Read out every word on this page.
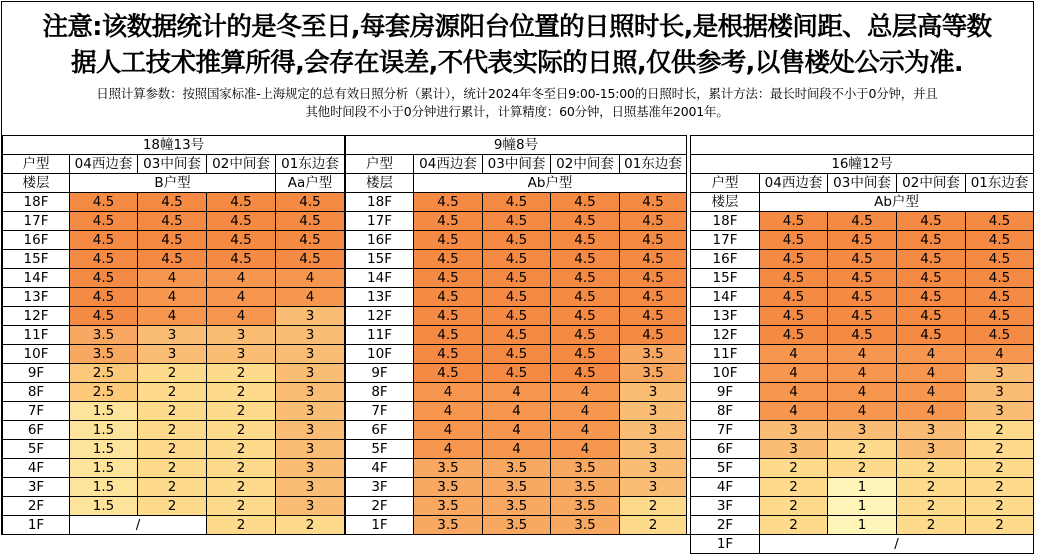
注意:该数据统计的是冬至日,每套房源阳台位置的日照时长,是根据楼间距、总层高等数
据人工技术推算所得,会存在误差,不代表实际的日照,仅供参考,以售楼处公示为准.
日照计算参数：按照国家标准-上海规定的总有效日照分析（累计），统计2024年冬至日9:00-15:00的日照时长，累计方法：最长时间段不小于0分钟，并且
其他时间段不小于0分钟进行累计，计算精度：60分钟，日照基准年2001年。
18幢13号				
户型	04西边套	03中间套	02中间套	01东边套
楼层	B户型			Aa户型
18F	4.5	4.5	4.5	4.5
17F	4.5	4.5	4.5	4.5
16F	4.5	4.5	4.5	4.5
15F	4.5	4.5	4.5	4.5
14F	4.5	4	4	4
13F	4.5	4	4	4
12F	4.5	4	4	3
11F	3.5	3	3	3
10F	3.5	3	3	3
9F	2.5	2	2	3
8F	2.5	2	2	3
7F	1.5	2	2	3
6F	1.5	2	2	3
5F	1.5	2	2	3
4F	1.5	2	2	3
3F	1.5	2	2	3
2F	1.5	2	2	3
1F	/		2	2
9幢8号				
户型	04西边套	03中间套	02中间套	01东边套
楼层	Ab户型			
18F	4.5	4.5	4.5	4.5
17F	4.5	4.5	4.5	4.5
16F	4.5	4.5	4.5	4.5
15F	4.5	4.5	4.5	4.5
14F	4.5	4.5	4.5	4.5
13F	4.5	4.5	4.5	4.5
12F	4.5	4.5	4.5	4.5
11F	4.5	4.5	4.5	4.5
10F	4.5	4.5	4.5	3.5
9F	4.5	4.5	4.5	3.5
8F	4	4	4	3
7F	4	4	4	3
6F	4	4	4	3
5F	4	4	4	3
4F	3.5	3.5	3.5	3
3F	3.5	3.5	3.5	3
2F	3.5	3.5	3.5	2
1F	3.5	3.5	3.5	2

16幢12号				
户型	04西边套	03中间套	02中间套	01东边套
楼层	Ab户型			
18F	4.5	4.5	4.5	4.5
17F	4.5	4.5	4.5	4.5
16F	4.5	4.5	4.5	4.5
15F	4.5	4.5	4.5	4.5
14F	4.5	4.5	4.5	4.5
13F	4.5	4.5	4.5	4.5
12F	4.5	4.5	4.5	4.5
11F	4	4	4	4
10F	4	4	4	3
9F	4	4	4	3
8F	4	4	4	3
7F	3	3	3	2
6F	3	2	3	2
5F	2	2	2	2
4F	2	1	2	2
3F	2	1	2	2
2F	2	1	2	2
1F	/			
